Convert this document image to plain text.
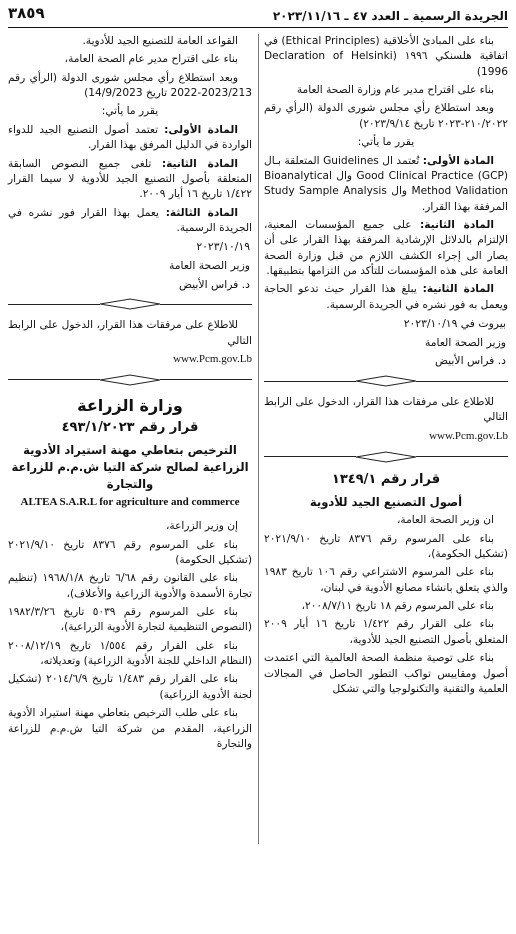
الجريدة الرسمية ـ العدد ٤٧ ـ ٢٠٢٣/١١/١٦
٣٨٥٩

بناء على المبادئ الأخلاقية (Ethical Principles) في اتفاقية هلسنكي ١٩٩٦ (Declaration of Helsinki 1996)

بناء على اقتراح مدير عام وزارة الصحة العامة

وبعد استطلاع رأي مجلس شورى الدولة (الرأي رقم ٢١٠/٢٠٢٢-٢٠٢٣ تاريخ ٢٠٢٣/٩/١٤)

يقرر ما يأتي:

المادة الأولى: تُعتمد ال Guidelines المتعلقة بـال Good Clinical Practice (GCP) وال Bioanalytical Method Validation وال Study Sample Analysis المرفقة بهذا القرار.

المادة الثانية: على جميع المؤسسات المعنية، الإلتزام بالدلائل الإرشادية المرفقة بهذا القرار على أن يصار الى إجراء الكشف اللازم من قبل وزارة الصحة العامة على هذه المؤسسات للتأكد من التزامها بتطبيقها.

المادة الثانية: يبلغ هذا القرار حيث تدعو الحاجة ويعمل به فور نشره في الجريدة الرسمية.

بيروت في ٢٠٢٣/١٠/١٩
وزير الصحة العامة
د. فراس الأبيض

للاطلاع على مرفقات هذا القرار، الدخول على الرابط التالي

www.Pcm.gov.Lb

قرار رقم ١٣٤٩/١
أصول التصنيع الجيد للأدوية

ان وزير الصحة العامة،

بناء على المرسوم رقم ٨٣٧٦ تاريخ ٢٠٢١/٩/١٠ (تشكيل الحكومة)،

بناء على المرسوم الاشتراعي رقم ١٠٦ تاريخ ١٩٨٣ والذي يتعلق بانشاء مصانع الأدوية في لبنان،

بناء على المرسوم رقم ١٨ تاريخ ٢٠٠٨/٧/١١،

بناء على القرار رقم ١/٤٢٢ تاريخ ١٦ أيار ٢٠٠٩ المتعلق بأصول التصنيع الجيد للأدوية،

بناء على توصية منظمة الصحة العالمية التي اعتمدت أصول ومقاييس تواكب التطور الحاصل في المجالات العلمية والتقنية والتكنولوجيا والتي تشكل

القواعد العامة للتصنيع الجيد للأدوية.

بناء على اقتراح مدير عام الصحة العامة،

وبعد استطلاع رأي مجلس شورى الدولة (الرأي رقم 2023/213-2022 تاريخ 14/9/2023)

يقرر ما يأتي:

المادة الأولى: تعتمد أصول التصنيع الجيد للدواء الواردة في الدليل المرفق بهذا القرار.

المادة الثانية: تلغى جميع النصوص السابقة المتعلقة بأصول التصنيع الجيد للأدوية لا سيما القرار ١/٤٢٢ تاريخ ١٦ أيار ٢٠٠٩.

المادة الثالثة: يعمل بهذا القرار فور نشره في الجريدة الرسمية.

٢٠٢٣/١٠/١٩
وزير الصحة العامة
د. فراس الأبيض

للاطلاع على مرفقات هذا القرار، الدخول على الرابط التالي

www.Pcm.gov.Lb

وزارة الزراعة
قرار رقم ٤٩٣/١/٢٠٢٣
الترخيص بتعاطي مهنة استيراد الأدوية الزراعية لصالح شركة التيا ش.م.م للزراعة والتجارة
ALTEA S.A.R.L for agriculture and commerce

إن وزير الزراعة،

بناء على المرسوم رقم ٨٣٧٦ تاريخ ٢٠٢١/٩/١٠ (تشكيل الحكومة)

بناء على القانون رقم ٦/٦٨ تاريخ ١٩٦٨/١/٨ (تنظيم تجارة الأسمدة والأدوية الزراعية والأعلاف)،

بناء على المرسوم رقم ٥٠٣٩ تاريخ ١٩٨٢/٣/٢٦ (النصوص التنظيمية لتجارة الأدوية الزراعية)،

بناء على القرار رقم ١/٥٥٤ تاريخ ٢٠٠٨/١٢/١٩ (النظام الداخلي للجنة الأدوية الزراعية) وتعديلاته،

بناء على القرار رقم ١/٤٨٣ تاريخ ٢٠١٤/٦/٩ (تشكيل لجنة الأدوية الزراعية)

بناء على طلب الترخيص بتعاطي مهنة استيراد الأدوية الزراعية، المقدم من شركة التيا ش.م.م للزراعة والتجارة
